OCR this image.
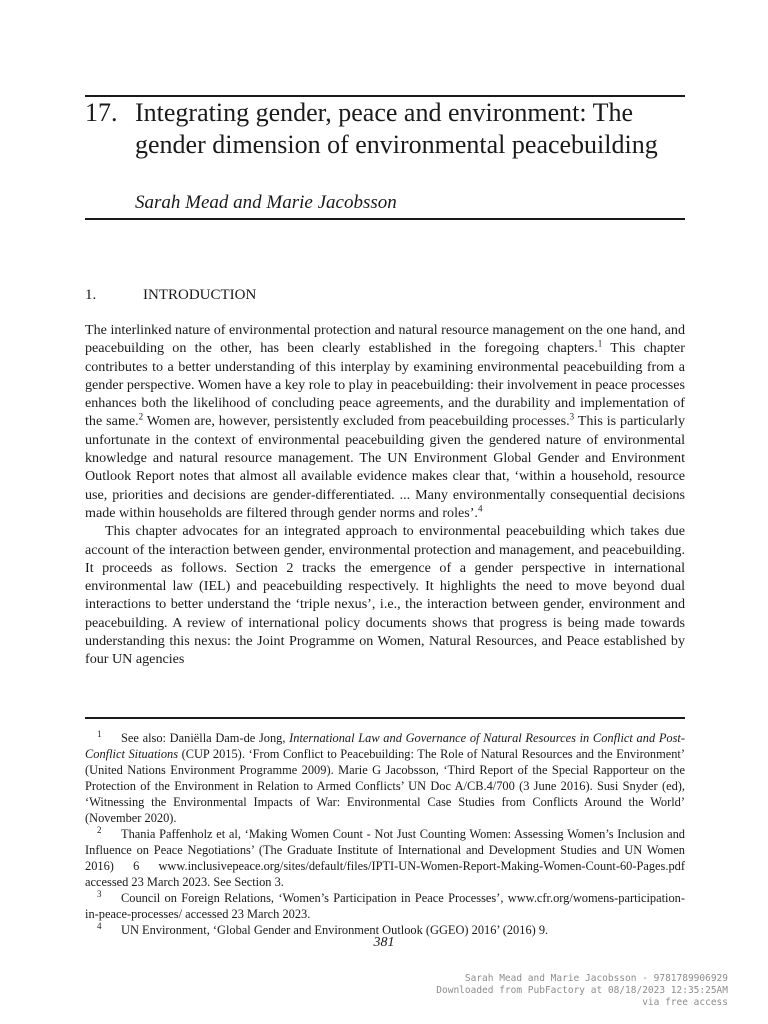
17. Integrating gender, peace and environment: The gender dimension of environmental peacebuilding
Sarah Mead and Marie Jacobsson
1.	INTRODUCTION

The interlinked nature of environmental protection and natural resource management on the one hand, and peacebuilding on the other, has been clearly established in the foregoing chapters.$^1$ This chapter contributes to a better understanding of this interplay by examining environmental peacebuilding from a gender perspective. Women have a key role to play in peacebuilding: their involvement in peace processes enhances both the likelihood of concluding peace agreements, and the durability and implementation of the same.$^2$ Women are, however, persistently excluded from peacebuilding processes.$^3$ This is particularly unfortunate in the context of environmental peacebuilding given the gendered nature of environmental knowledge and natural resource management. The UN Environment Global Gender and Environment Outlook Report notes that almost all available evidence makes clear that, ‘within a household, resource use, priorities and decisions are gender-differentiated. ... Many environmentally consequential decisions made within households are filtered through gender norms and roles’.$^4$

This chapter advocates for an integrated approach to environmental peacebuilding which takes due account of the interaction between gender, environmental protection and management, and peacebuilding. It proceeds as follows. Section 2 tracks the emergence of a gender perspective in international environmental law (IEL) and peacebuilding respectively. It highlights the need to move beyond dual interactions to better understand the ‘triple nexus’, i.e., the interaction between gender, environment and peacebuilding. A review of international policy documents shows that progress is being made towards understanding this nexus: the Joint Programme on Women, Natural Resources, and Peace established by four UN agencies

1 See also: Daniëlla Dam-de Jong, International Law and Governance of Natural Resources in Conflict and Post-Conflict Situations (CUP 2015). ‘From Conflict to Peacebuilding: The Role of Natural Resources and the Environment’ (United Nations Environment Programme 2009). Marie G Jacobsson, ‘Third Report of the Special Rapporteur on the Protection of the Environment in Relation to Armed Conflicts’ UN Doc A/CB.4/700 (3 June 2016). Susi Snyder (ed), ‘Witnessing the Environmental Impacts of War: Environmental Case Studies from Conflicts Around the World’ (November 2020).

2 Thania Paffenholz et al, ‘Making Women Count - Not Just Counting Women: Assessing Women’s Inclusion and Influence on Peace Negotiations’ (The Graduate Institute of International and Development Studies and UN Women 2016) 6 www.inclusivepeace.org/sites/default/files/IPTI-UN-Women-Report-Making-Women-Count-60-Pages.pdf accessed 23 March 2023. See Section 3.

3 Council on Foreign Relations, ‘Women’s Participation in Peace Processes’, www.cfr.org/womens-participation-in-peace-processes/ accessed 23 March 2023.

4 UN Environment, ‘Global Gender and Environment Outlook (GGEO) 2016’ (2016) 9.

381
Sarah Mead and Marie Jacobsson - 9781789906929
Downloaded from PubFactory at 08/18/2023 12:35:25AM
via free access
